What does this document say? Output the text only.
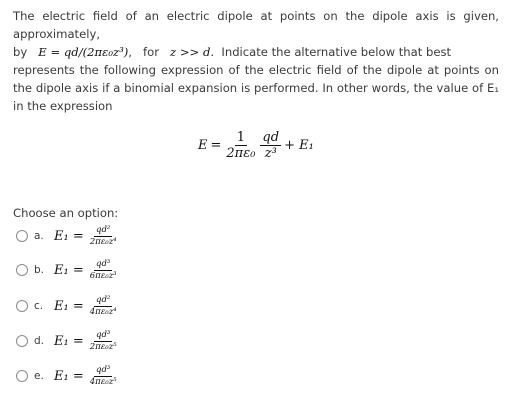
The electric field of an electric dipole at points on the dipole axis is given, approximately,

by E = qd/(2πε₀z³),   for z >> d. Indicate the alternative below that best

represents the following expression of the electric field of the dipole at points on the dipole axis if a binomial expansion is performed. In other words, the value of E₁ in the expression

$E = \frac{1}{\text{2πε₀}} \frac{qd}{\text{z³}} + E_1$
Choose an option:
a. $E_1 = \frac{\text{qd²}}{\text{2πε₀z⁴}}$
b. $E_1 = \frac{\text{qd³}}{\text{6πε₀z³}}$
c. $E_1 = \frac{\text{qd²}}{\text{4πε₀z⁴}}$
d. $E_1 = \frac{\text{qd³}}{\text{2πε₀z⁵}}$
e. $E_1 = \frac{\text{qd³}}{\text{4πε₀z⁵}}$
